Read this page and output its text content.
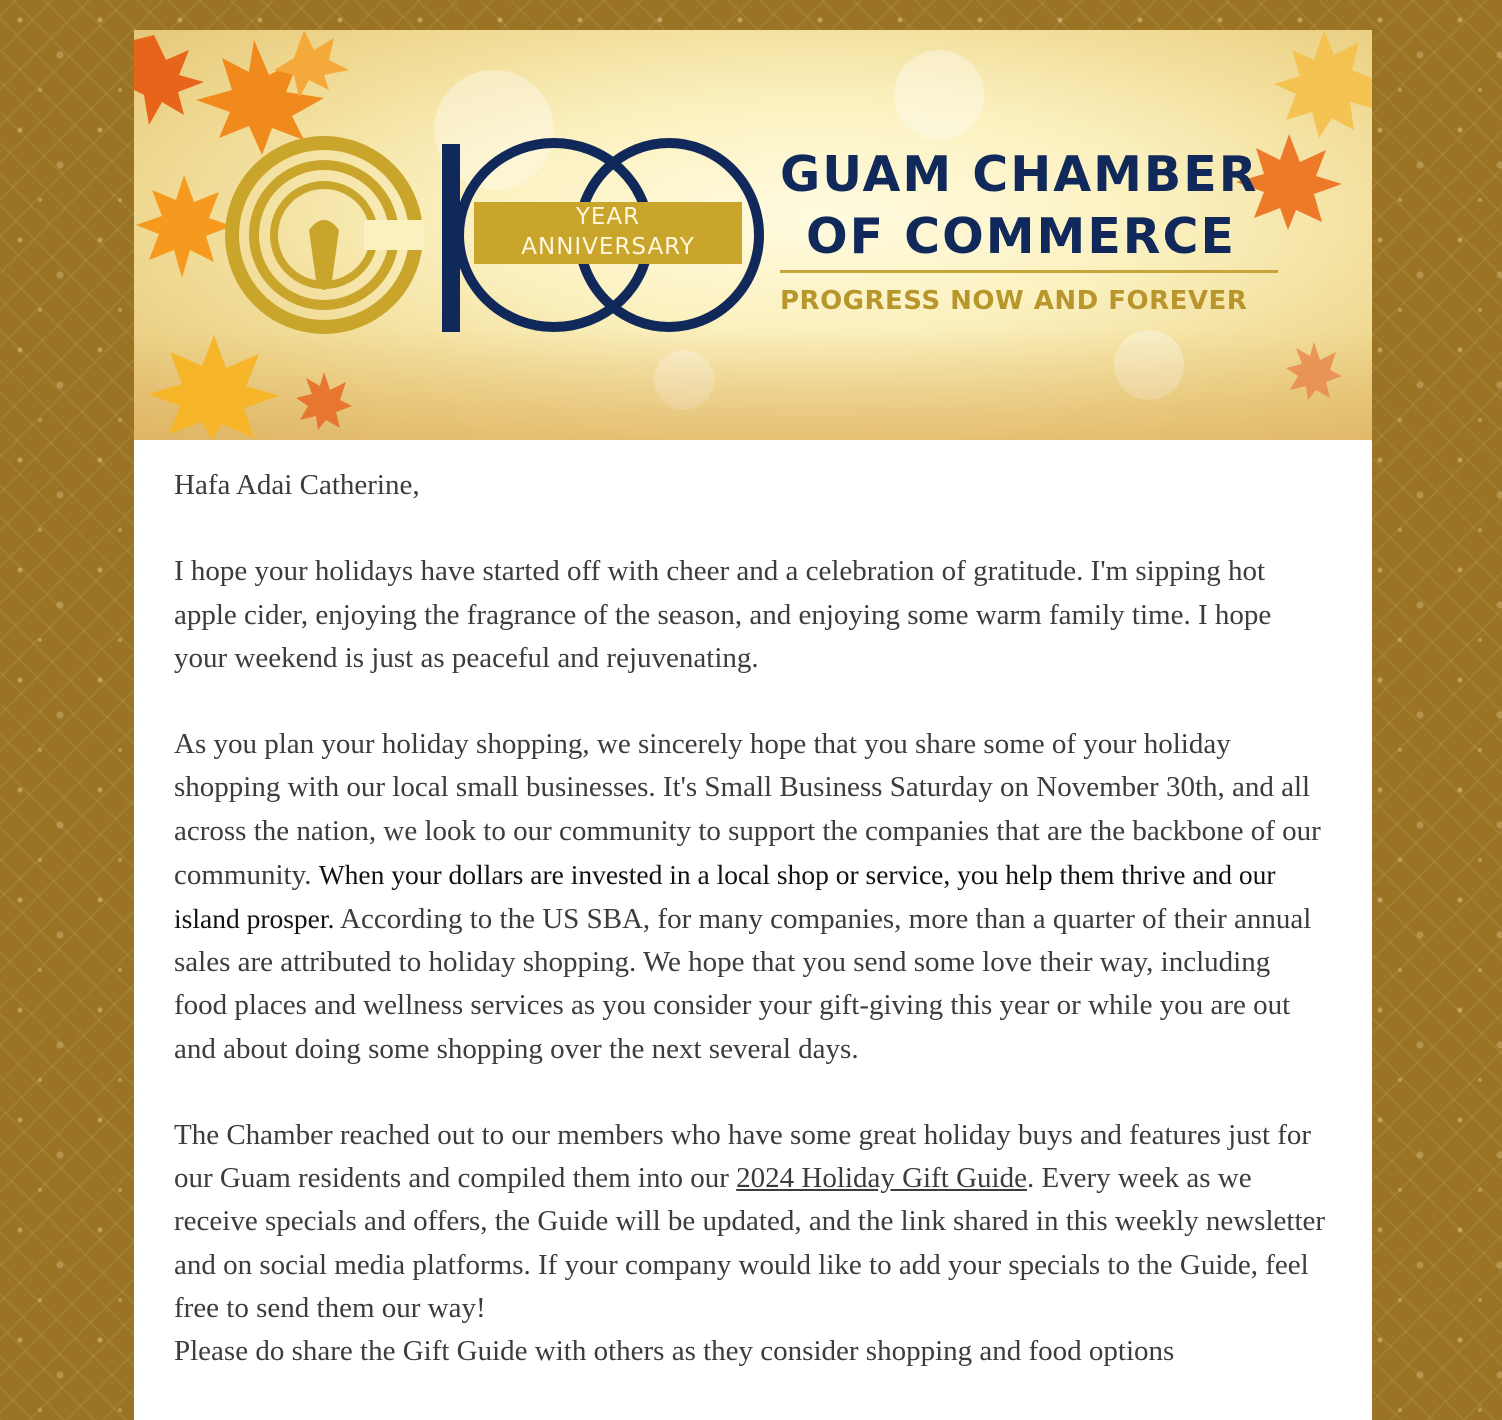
YEAR
ANNIVERSARY
GUAM CHAMBER
OF COMMERCE
PROGRESS NOW AND FOREVER

Hafa Adai Catherine,

I hope your holidays have started off with cheer and a celebration of gratitude. I'm sipping hot apple cider, enjoying the fragrance of the season, and enjoying some warm family time. I hope your weekend is just as peaceful and rejuvenating.

As you plan your holiday shopping, we sincerely hope that you share some of your holiday shopping with our local small businesses. It's Small Business Saturday on November 30th, and all across the nation, we look to our community to support the companies that are the backbone of our community. When your dollars are invested in a local shop or service, you help them thrive and our island prosper. According to the US SBA, for many companies, more than a quarter of their annual sales are attributed to holiday shopping. We hope that you send some love their way, including food places and wellness services as you consider your gift-giving this year or while you are out and about doing some shopping over the next several days.

The Chamber reached out to our members who have some great holiday buys and features just for our Guam residents and compiled them into our 2024 Holiday Gift Guide. Every week as we receive specials and offers, the Guide will be updated, and the link shared in this weekly newsletter and on social media platforms. If your company would like to add your specials to the Guide, feel free to send them our way!

Please do share the Gift Guide with others as they consider shopping and food options
